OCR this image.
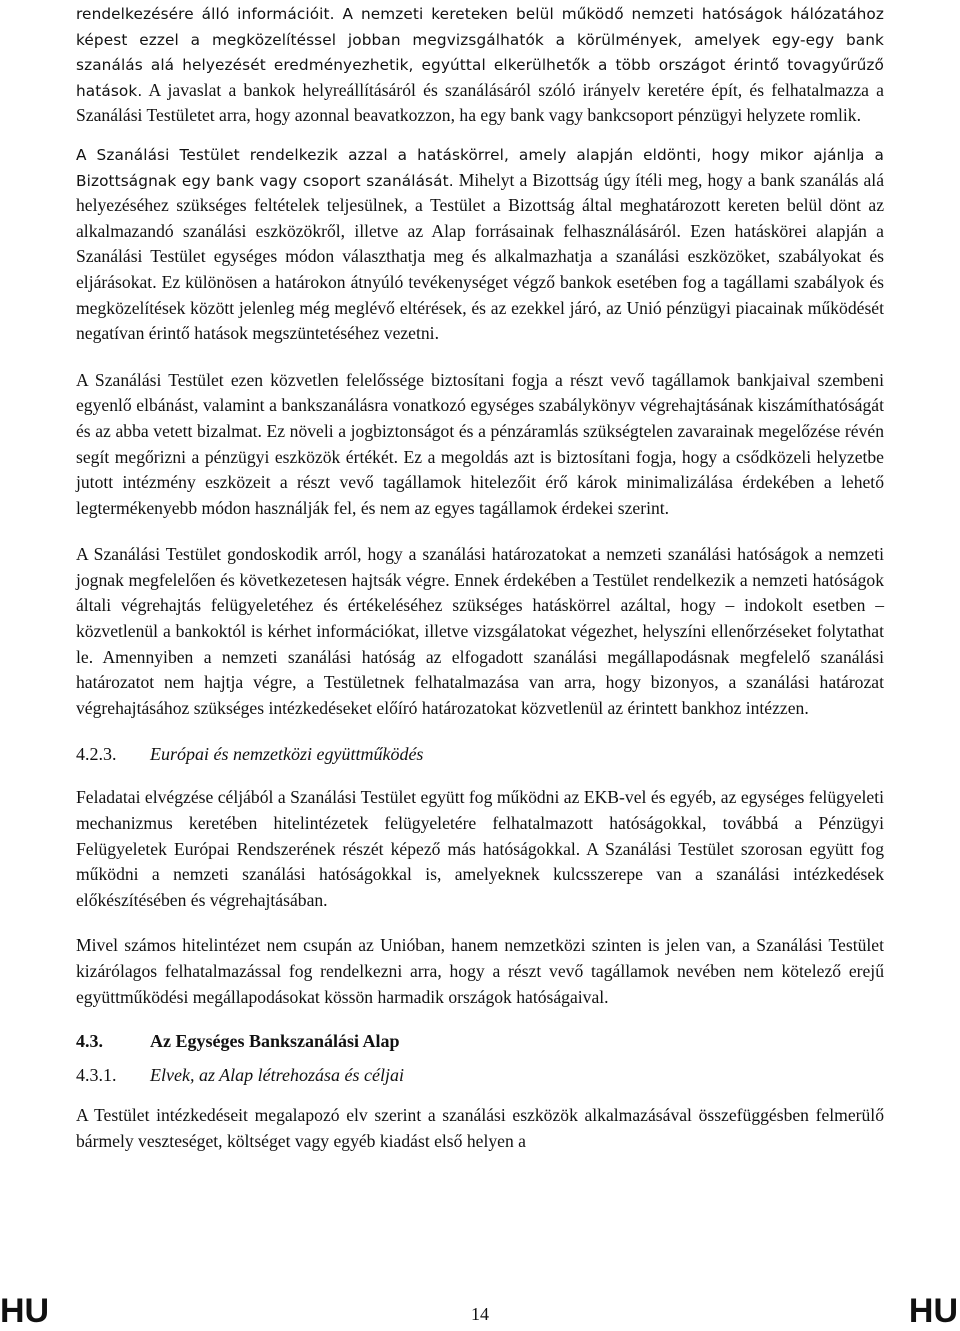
rendelkezésére álló információit. A nemzeti kereteken belül működő nemzeti hatóságok hálózatához képest ezzel a megközelítéssel jobban megvizsgálhatók a körülmények, amelyek egy-egy bank szanálás alá helyezését eredményezhetik, egyúttal elkerülhetők a több országot érintő tovagyűrűző hatások. A javaslat a bankok helyreállításáról és szanálásáról szóló irányelv keretére épít, és felhatalmazza a Szanálási Testületet arra, hogy azonnal beavatkozzon, ha egy bank vagy bankcsoport pénzügyi helyzete romlik.

A Szanálási Testület rendelkezik azzal a hatáskörrel, amely alapján eldönti, hogy mikor ajánlja a Bizottságnak egy bank vagy csoport szanálását. Mihelyt a Bizottság úgy ítéli meg, hogy a bank szanálás alá helyezéséhez szükséges feltételek teljesülnek, a Testület a Bizottság által meghatározott kereten belül dönt az alkalmazandó szanálási eszközökről, illetve az Alap forrásainak felhasználásáról. Ezen hatáskörei alapján a Szanálási Testület egységes módon választhatja meg és alkalmazhatja a szanálási eszközöket, szabályokat és eljárásokat. Ez különösen a határokon átnyúló tevékenységet végző bankok esetében fog a tagállami szabályok és megközelítések között jelenleg még meglévő eltérések, és az ezekkel járó, az Unió pénzügyi piacainak működését negatívan érintő hatások megszüntetéséhez vezetni.

A Szanálási Testület ezen közvetlen felelőssége biztosítani fogja a részt vevő tagállamok bankjaival szembeni egyenlő elbánást, valamint a bankszanálásra vonatkozó egységes szabálykönyv végrehajtásának kiszámíthatóságát és az abba vetett bizalmat. Ez növeli a jogbiztonságot és a pénzáramlás szükségtelen zavarainak megelőzése révén segít megőrizni a pénzügyi eszközök értékét. Ez a megoldás azt is biztosítani fogja, hogy a csődközeli helyzetbe jutott intézmény eszközeit a részt vevő tagállamok hitelezőit érő károk minimalizálása érdekében a lehető legtermékenyebb módon használják fel, és nem az egyes tagállamok érdekei szerint.

A Szanálási Testület gondoskodik arról, hogy a szanálási határozatokat a nemzeti szanálási hatóságok a nemzeti jognak megfelelően és következetesen hajtsák végre. Ennek érdekében a Testület rendelkezik a nemzeti hatóságok általi végrehajtás felügyeletéhez és értékeléséhez szükséges hatáskörrel azáltal, hogy – indokolt esetben – közvetlenül a bankoktól is kérhet információkat, illetve vizsgálatokat végezhet, helyszíni ellenőrzéseket folytathat le. Amennyiben a nemzeti szanálási hatóság az elfogadott szanálási megállapodásnak megfelelő szanálási határozatot nem hajtja végre, a Testületnek felhatalmazása van arra, hogy bizonyos, a szanálási határozat végrehajtásához szükséges intézkedéseket előíró határozatokat közvetlenül az érintett bankhoz intézzen.

4.2.3.	Európai és nemzetközi együttműködés

Feladatai elvégzése céljából a Szanálási Testület együtt fog működni az EKB-vel és egyéb, az egységes felügyeleti mechanizmus keretében hitelintézetek felügyeletére felhatalmazott hatóságokkal, továbbá a Pénzügyi Felügyeletek Európai Rendszerének részét képező más hatóságokkal. A Szanálási Testület szorosan együtt fog működni a nemzeti szanálási hatóságokkal is, amelyeknek kulcsszerepe van a szanálási intézkedések előkészítésében és végrehajtásában.

Mivel számos hitelintézet nem csupán az Unióban, hanem nemzetközi szinten is jelen van, a Szanálási Testület kizárólagos felhatalmazással fog rendelkezni arra, hogy a részt vevő tagállamok nevében nem kötelező erejű együttműködési megállapodásokat kössön harmadik országok hatóságaival.

4.3.	Az Egységes Bankszanálási Alap
4.3.1.	Elvek, az Alap létrehozása és céljai

A Testület intézkedéseit megalapozó elv szerint a szanálási eszközök alkalmazásával összefüggésben felmerülő bármely veszteséget, költséget vagy egyéb kiadást első helyen a

HU	14	HU
